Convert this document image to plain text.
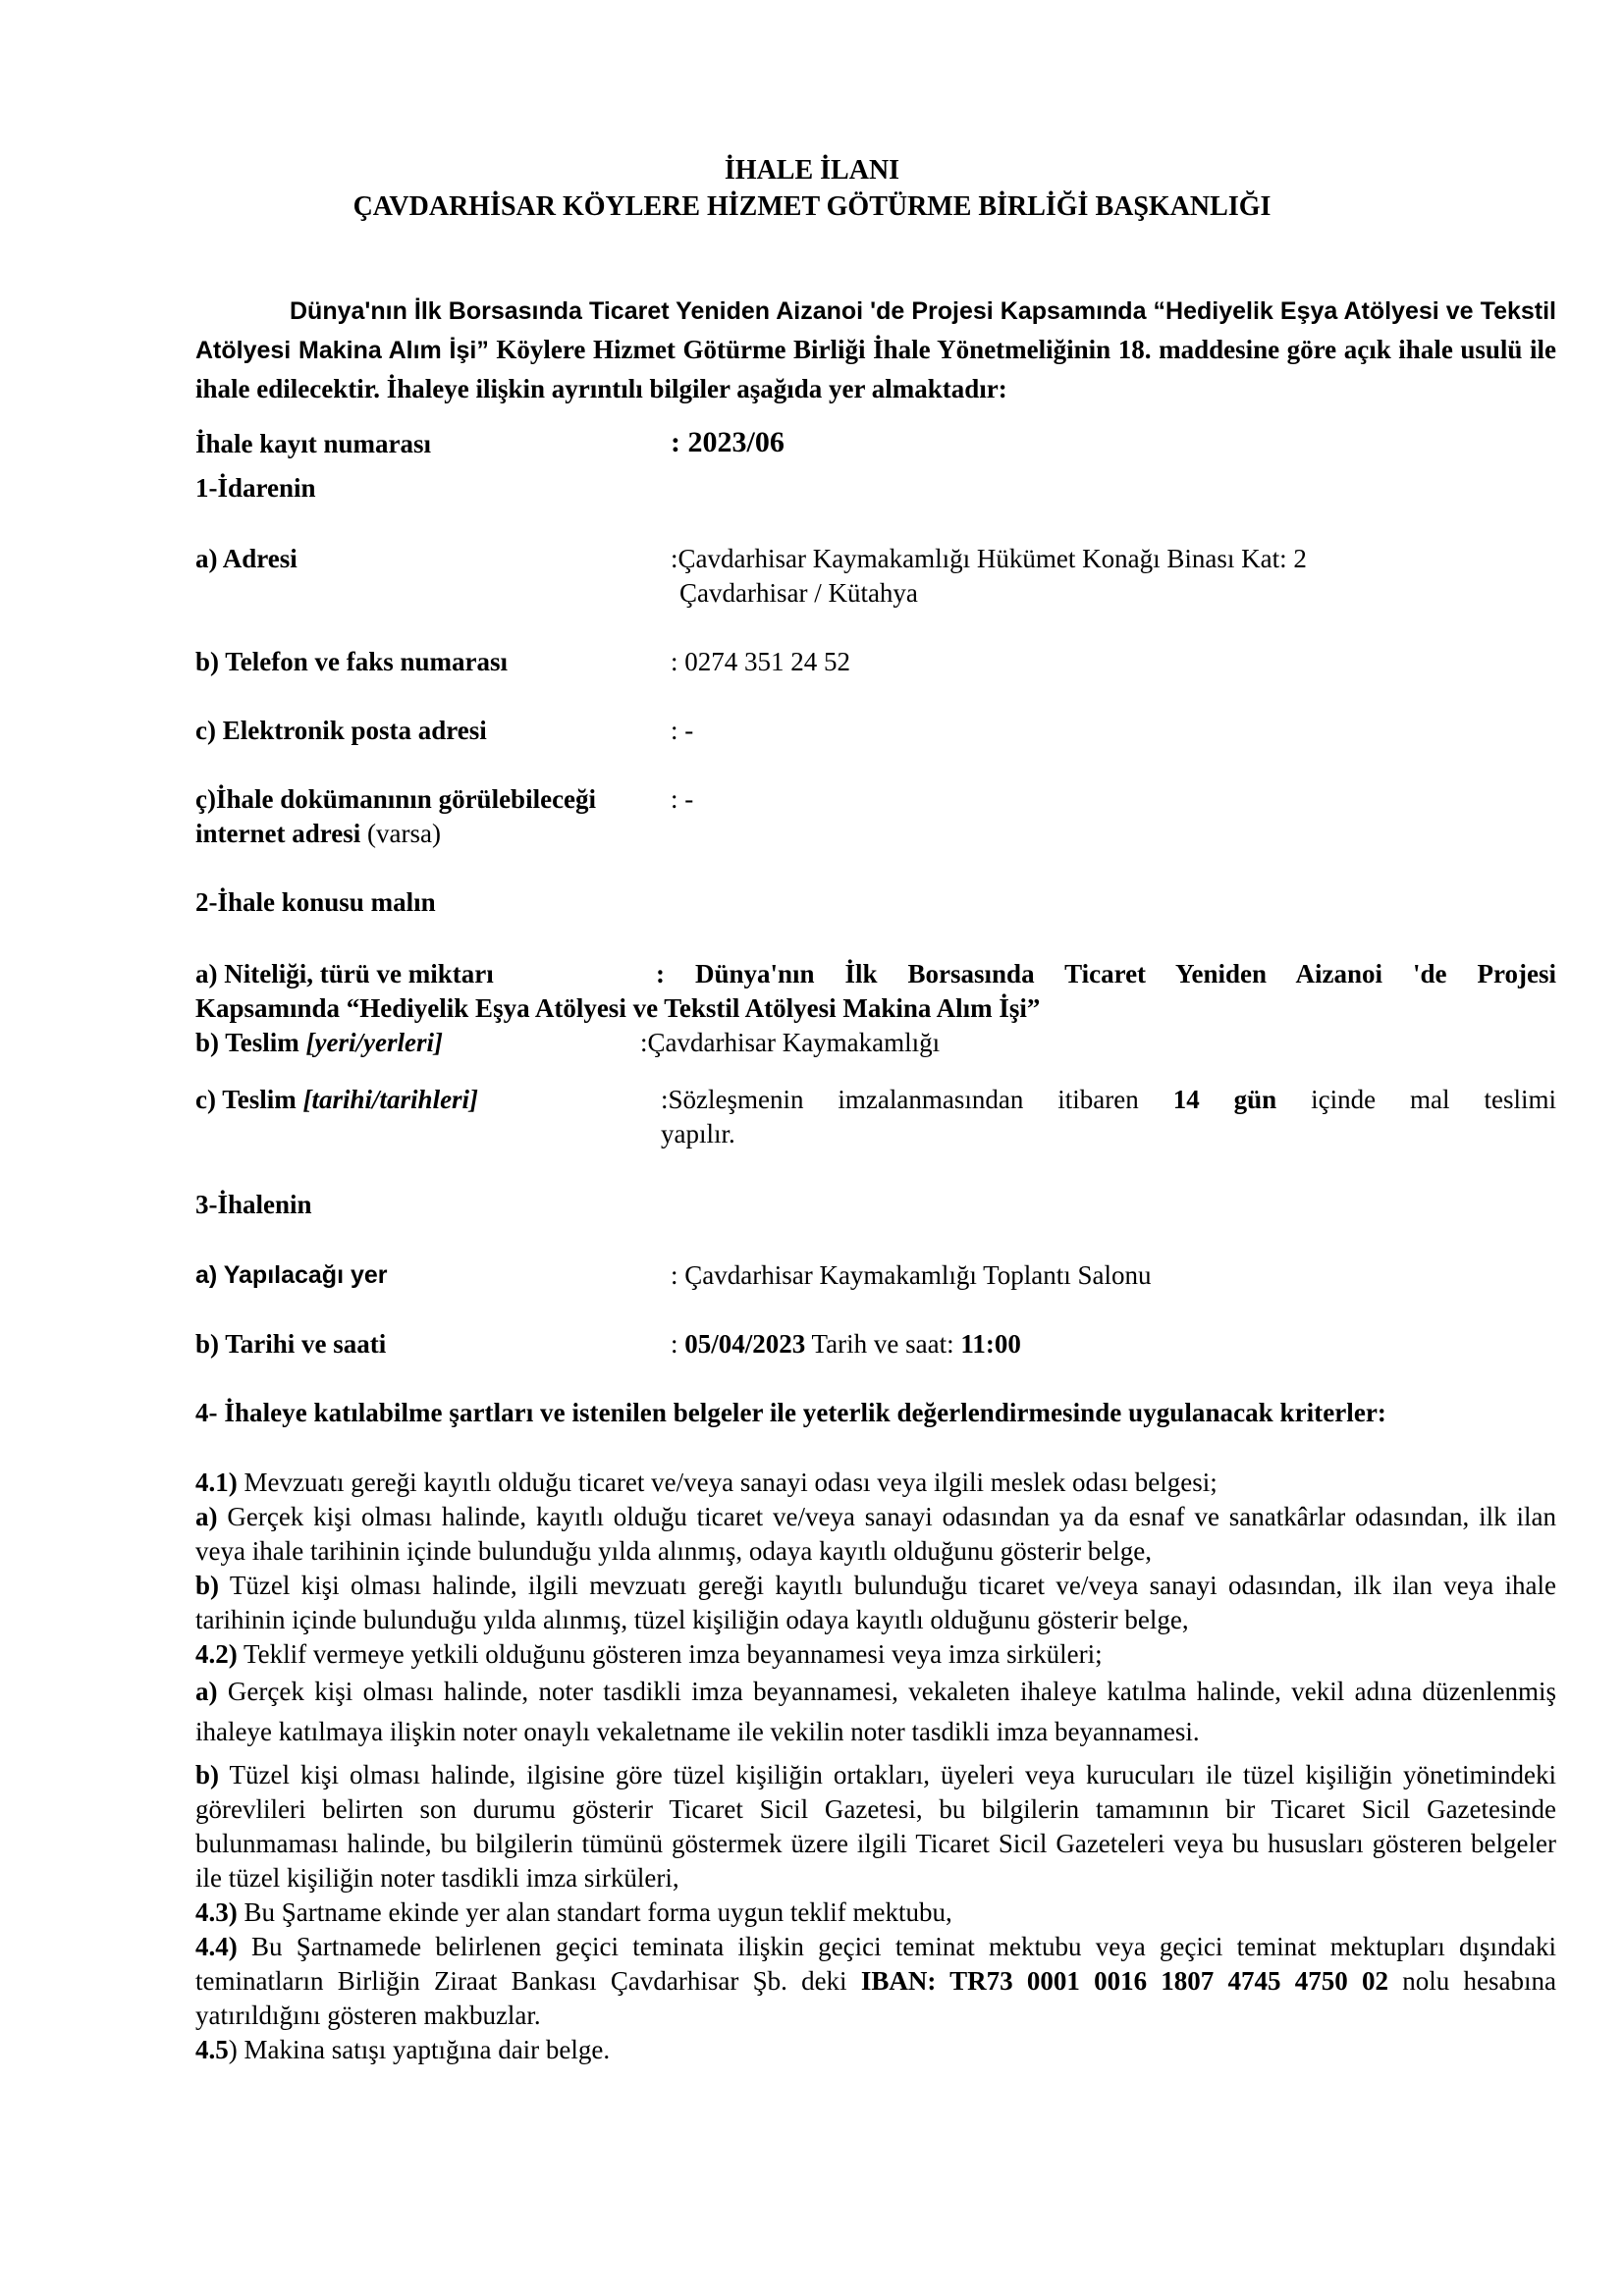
İHALE İLANI
ÇAVDARHİSAR KÖYLERE HİZMET GÖTÜRME BİRLİĞİ BAŞKANLIĞI
Dünya'nın İlk Borsasında Ticaret Yeniden Aizanoi 'de Projesi Kapsamında “Hediyelik Eşya Atölyesi ve Tekstil Atölyesi Makina Alım İşi” Köylere Hizmet Götürme Birliği İhale Yönetmeliğinin 18. maddesine göre açık ihale usulü ile ihale edilecektir. İhaleye ilişkin ayrıntılı bilgiler aşağıda yer almaktadır:
İhale kayıt numarası	: 2023/06
1-İdarenin
a) Adresi	:Çavdarhisar Kaymakamlığı Hükümet Konağı Binası Kat: 2
Çavdarhisar / Kütahya
b) Telefon ve faks numarası	: 0274 351 24 52
c) Elektronik posta adresi	: -
ç)İhale dokümanının görülebileceği
internet adresi (varsa)
: -
2-İhale konusu malın
a) Niteliği, türü ve miktarı	: Dünya'nın İlk Borsasında Ticaret Yeniden Aizanoi 'de Projesi
Kapsamında “Hediyelik Eşya Atölyesi ve Tekstil Atölyesi Makina Alım İşi”
b) Teslim [yeri/yerleri]	:Çavdarhisar Kaymakamlığı
c) Teslim [tarihi/tarihleri]	:Sözleşmenin imzalanmasından itibaren 14 gün içinde mal teslimi
yapılır.
3-İhalenin
a) Yapılacağı yer	: Çavdarhisar Kaymakamlığı Toplantı Salonu
b) Tarihi ve saati	: 05/04/2023 Tarih ve saat: 11:00
4- İhaleye katılabilme şartları ve istenilen belgeler ile yeterlik değerlendirmesinde uygulanacak kriterler:

4.1) Mevzuatı gereği kayıtlı olduğu ticaret ve/veya sanayi odası veya ilgili meslek odası belgesi;

a) Gerçek kişi olması halinde, kayıtlı olduğu ticaret ve/veya sanayi odasından ya da esnaf ve sanatkârlar odasından, ilk ilan veya ihale tarihinin içinde bulunduğu yılda alınmış, odaya kayıtlı olduğunu gösterir belge,

b) Tüzel kişi olması halinde, ilgili mevzuatı gereği kayıtlı bulunduğu ticaret ve/veya sanayi odasından, ilk ilan veya ihale tarihinin içinde bulunduğu yılda alınmış, tüzel kişiliğin odaya kayıtlı olduğunu gösterir belge,

4.2) Teklif vermeye yetkili olduğunu gösteren imza beyannamesi veya imza sirküleri;

a) Gerçek kişi olması halinde, noter tasdikli imza beyannamesi, vekaleten ihaleye katılma halinde, vekil adına düzenlenmiş ihaleye katılmaya ilişkin noter onaylı vekaletname ile vekilin noter tasdikli imza beyannamesi.

b) Tüzel kişi olması halinde, ilgisine göre tüzel kişiliğin ortakları, üyeleri veya kurucuları ile tüzel kişiliğin yönetimindeki görevlileri belirten son durumu gösterir Ticaret Sicil Gazetesi, bu bilgilerin tamamının bir Ticaret Sicil Gazetesinde bulunmaması halinde, bu bilgilerin tümünü göstermek üzere ilgili Ticaret Sicil Gazeteleri veya bu hususları gösteren belgeler ile tüzel kişiliğin noter tasdikli imza sirküleri,

4.3) Bu Şartname ekinde yer alan standart forma uygun teklif mektubu,

4.4) Bu Şartnamede belirlenen geçici teminata ilişkin geçici teminat mektubu veya geçici teminat mektupları dışındaki teminatların Birliğin Ziraat Bankası Çavdarhisar Şb. deki IBAN: TR73 0001 0016 1807 4745 4750 02 nolu hesabına yatırıldığını gösteren makbuzlar.

4.5) Makina satışı yaptığına dair belge.
